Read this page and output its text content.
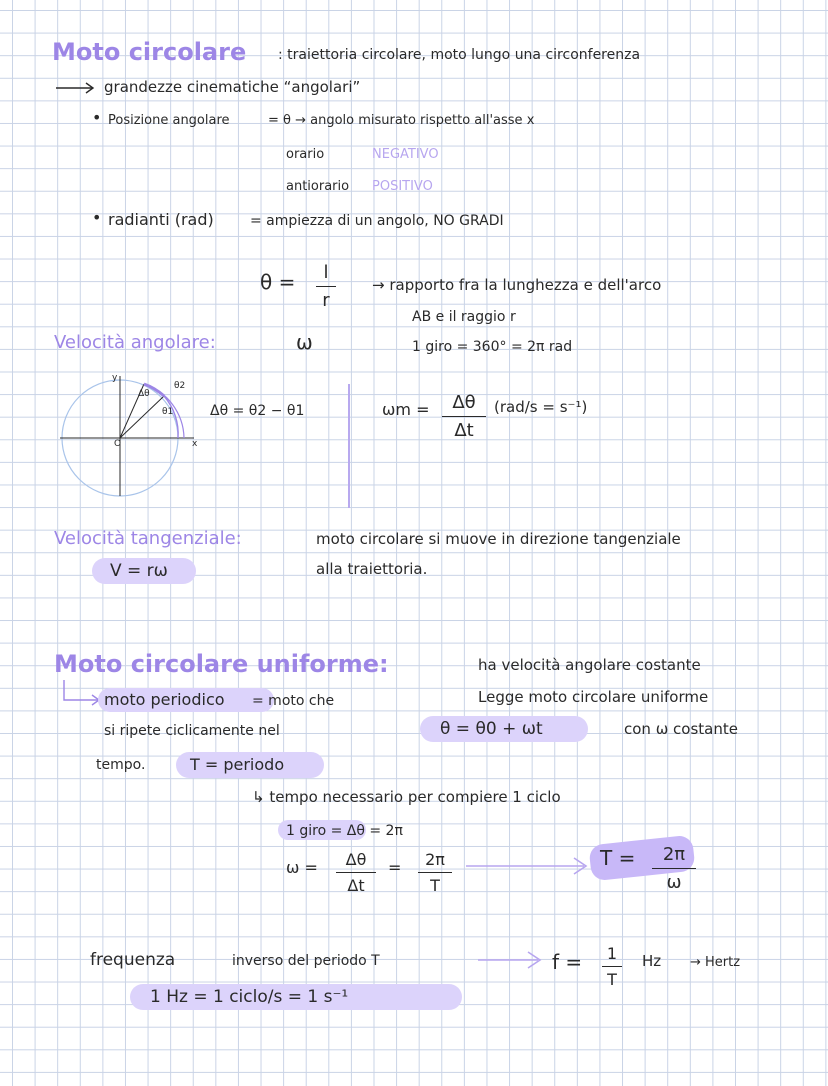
Moto circolare : traiettoria circolare, moto lungo una circonferenza
grandezze cinematiche “angolari”
• Posizione angolare	= θ → angolo misurato rispetto all'asse x
orario	NEGATIVO
antiorario POSITIVO
• radianti (rad)	= ampiezza di un angolo, NO GRADI
θ =	l
r
→ rapporto fra la lunghezza e dell'arco
AB e il raggio r
1 giro = 360° = 2π rad
Velocità angolare:	ω
y
x
O
θ2
θ1
Δθ
Δθ = θ2 − θ1	ωm =	Δθ
Δt
(rad/s = s⁻¹)
Velocità tangenziale:	moto circolare si muove in direzione tangenziale
alla traiettoria.
V = rω
Moto circolare uniforme:	ha velocità angolare costante
moto periodico = moto che
si ripete ciclicamente nel
tempo.	T = periodo
Legge moto circolare uniforme
θ = θ0 + ωt	con ω costante
↳ tempo necessario per compiere 1 ciclo
1 giro = Δθ = 2π
ω =	Δθ
Δt
=	2π
T
T =	2π
ω
frequenza	inverso del periodo T	f =	1
T
Hz → Hertz
1 Hz = 1 ciclo/s = 1 s⁻¹
